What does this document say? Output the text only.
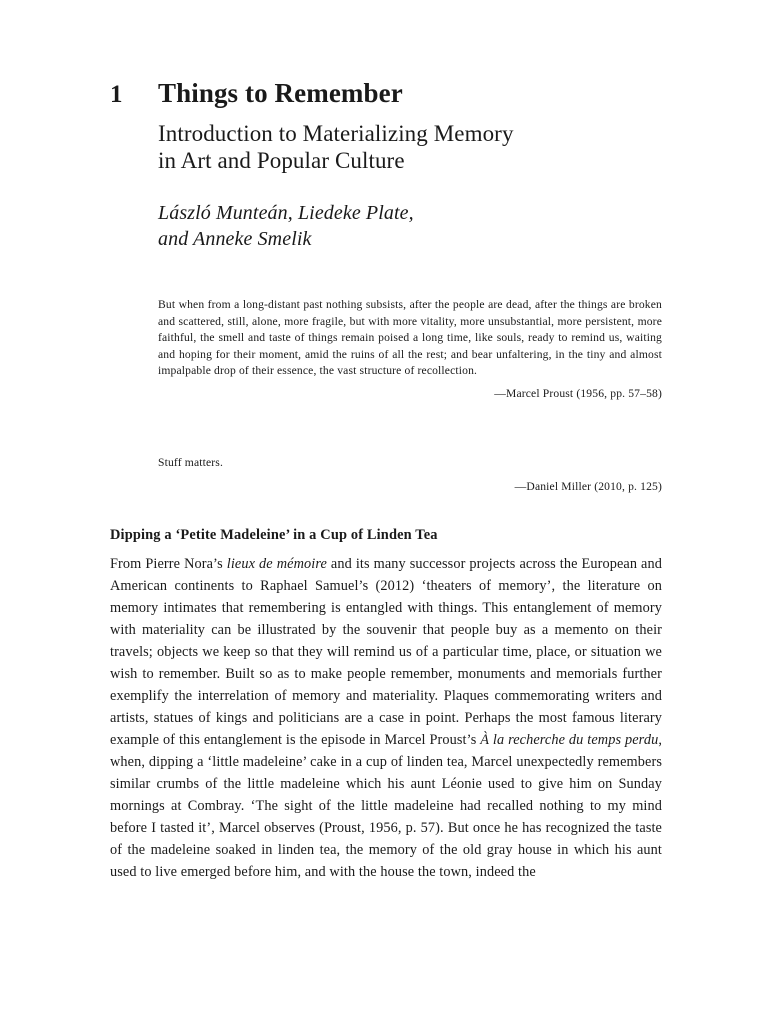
1	Things to Remember
Introduction to Materializing Memory
in Art and Popular Culture
László Munteán, Liedeke Plate,
and Anneke Smelik

But when from a long-distant past nothing subsists, after the people are dead, after the things are broken and scattered, still, alone, more fragile, but with more vitality, more unsubstantial, more persistent, more faithful, the smell and taste of things remain poised a long time, like souls, ready to remind us, waiting and hoping for their moment, amid the ruins of all the rest; and bear unfaltering, in the tiny and almost impalpable drop of their essence, the vast structure of recollection.

—Marcel Proust (1956, pp. 57–58)

Stuff matters.

—Daniel Miller (2010, p. 125)

Dipping a ‘Petite Madeleine’ in a Cup of Linden Tea

From Pierre Nora’s lieux de mémoire and its many successor projects across the European and American continents to Raphael Samuel’s (2012) ‘theaters of memory’, the literature on memory intimates that remembering is entangled with things. This entanglement of memory with materiality can be illustrated by the souvenir that people buy as a memento on their travels; objects we keep so that they will remind us of a particular time, place, or situation we wish to remember. Built so as to make people remember, monuments and memorials further exemplify the interrelation of memory and materiality. Plaques commemorating writers and artists, statues of kings and politicians are a case in point. Perhaps the most famous literary example of this entanglement is the episode in Marcel Proust’s À la recherche du temps perdu, when, dipping a ‘little madeleine’ cake in a cup of linden tea, Marcel unexpectedly remembers similar crumbs of the little madeleine which his aunt Léonie used to give him on Sunday mornings at Combray. ‘The sight of the little madeleine had recalled nothing to my mind before I tasted it’, Marcel observes (Proust, 1956, p. 57). But once he has recognized the taste of the madeleine soaked in linden tea, the memory of the old gray house in which his aunt used to live emerged before him, and with the house the town, indeed the
